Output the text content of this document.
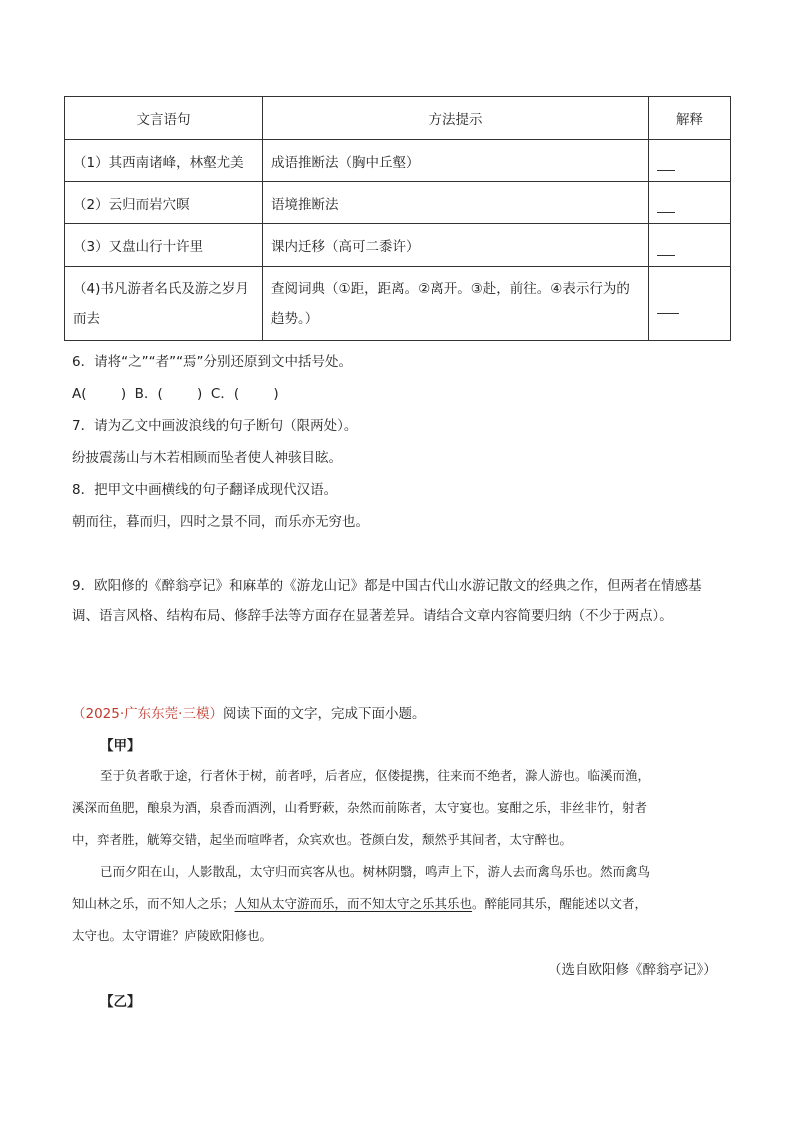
文言语句	方法提示	解释
（1）其西南诸峰，林壑尤美	成语推断法（胸中丘壑）	
（2）云归而岩穴暝	语境推断法	
（3）又盘山行十许里	课内迁移（高可二黍许）	
（4)书凡游者名氏及游之岁月而去	查阅词典（①距，距离。②离开。③赴，前往。④表示行为的趋势。）	
6．请将“之”“者”“焉”分别还原到文中括号处。
A(        )  B．(        )  C．(        )
7．请为乙文中画波浪线的句子断句（限两处）。
纷披震荡山与木若相顾而坠者使人神骇目眩。
8．把甲文中画横线的句子翻译成现代汉语。
朝而往，暮而归，四时之景不同，而乐亦无穷也。
9．欧阳修的《醉翁亭记》和麻革的《游龙山记》都是中国古代山水游记散文的经典之作，但两者在情感基
调、语言风格、结构布局、修辞手法等方面存在显著差异。请结合文章内容简要归纳（不少于两点）。
（2025·广东东莞·三模）阅读下面的文字，完成下面小题。
【甲】
至于负者歌于途，行者休于树，前者呼，后者应，伛偻提携，往来而不绝者，滁人游也。临溪而渔，
溪深而鱼肥，酿泉为酒，泉香而酒洌，山肴野蔌，杂然而前陈者，太守宴也。宴酣之乐，非丝非竹，射者
中，弈者胜，觥筹交错，起坐而喧哗者，众宾欢也。苍颜白发，颓然乎其间者，太守醉也。
已而夕阳在山，人影散乱，太守归而宾客从也。树林阴翳，鸣声上下，游人去而禽鸟乐也。然而禽鸟
知山林之乐，而不知人之乐；人知从太守游而乐，而不知太守之乐其乐也。醉能同其乐，醒能述以文者，
太守也。太守谓谁？庐陵欧阳修也。
（选自欧阳修《醉翁亭记》）
【乙】
